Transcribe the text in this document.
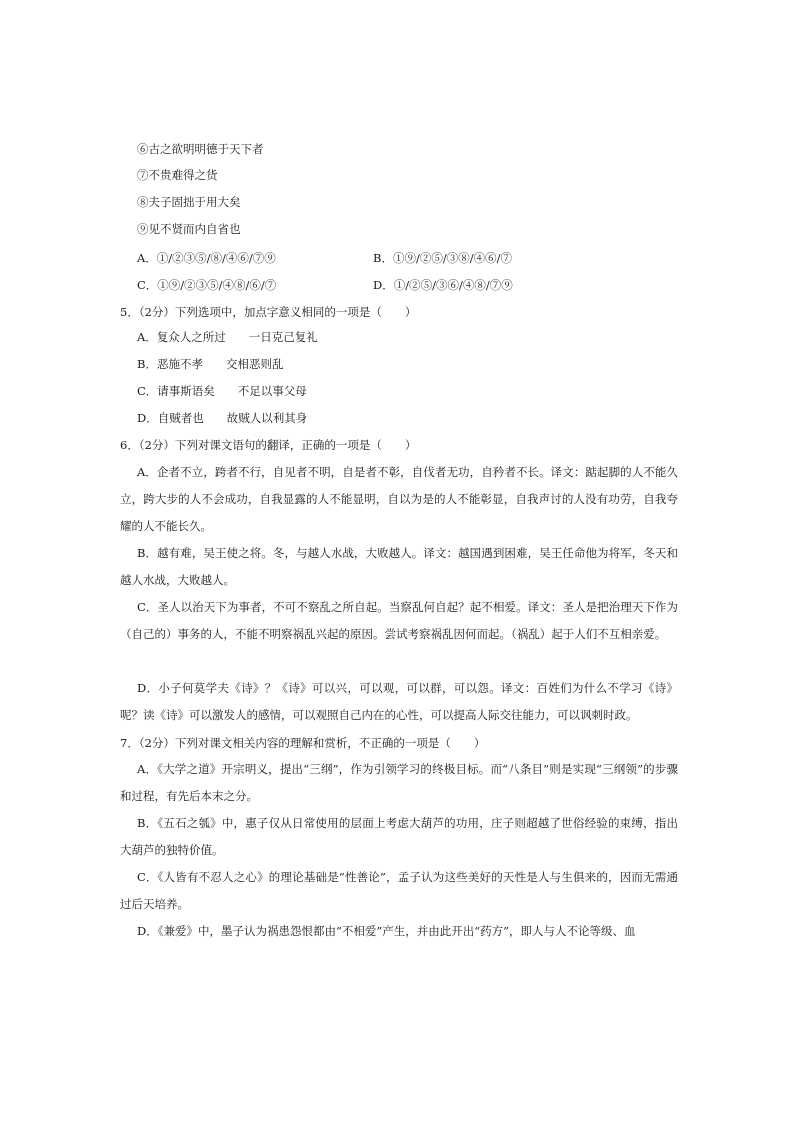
⑥古之欲明明德于天下者
⑦不贵难得之货
⑧夫子固拙于用大矣
⑨见不贤而内自省也
A．①/②③⑤/⑧/④⑥/⑦⑨	B．①⑨/②⑤/③⑧/④⑥/⑦
C．①⑨/②③⑤/④⑧/⑥/⑦	D．①/②⑤/③⑥/④⑧/⑦⑨
5．（2分）下列选项中，加点字意义相同的一项是（　　）
A．复众人之所过　　一日克己复礼
B．恶施不孝　　交相恶则乱
C．请事斯语矣　　不足以事父母
D．自贼者也　　故贼人以利其身
6．（2分）下列对课文语句的翻译，正确的一项是（　　）
A．企者不立，跨者不行，自见者不明，自是者不彰，自伐者无功，自矜者不长。译文：踮起脚的人不能久立，跨大步的人不会成功，自我显露的人不能显明，自以为是的人不能彰显，自我声讨的人没有功劳，自我夸耀的人不能长久。
B．越有难，吴王使之将。冬，与越人水战，大败越人。译文：越国遇到困难，吴王任命他为将军，冬天和越人水战，大败越人。
C．圣人以治天下为事者，不可不察乱之所自起。当察乱何自起？起不相爱。译文：圣人是把治理天下作为（自己的）事务的人，不能不明察祸乱兴起的原因。尝试考察祸乱因何而起。（祸乱）起于人们不互相亲爱。
D．小子何莫学夫《诗》？《诗》可以兴，可以观，可以群，可以怨。译文：百姓们为什么不学习《诗》呢？读《诗》可以激发人的感情，可以观照自己内在的心性，可以提高人际交往能力，可以讽刺时政。
7．（2分）下列对课文相关内容的理解和赏析，不正确的一项是（　　）
A．《大学之道》开宗明义，提出“三纲”，作为引领学习的终极目标。而“八条目”则是实现“三纲领”的步骤和过程，有先后本末之分。
B．《五石之瓠》中，惠子仅从日常使用的层面上考虑大葫芦的功用，庄子则超越了世俗经验的束缚，指出大葫芦的独特价值。
C．《人皆有不忍人之心》的理论基础是“性善论”，孟子认为这些美好的天性是人与生俱来的，因而无需通过后天培养。
D．《兼爱》中，墨子认为祸患怨恨都由“不相爱”产生，并由此开出“药方”，即人与人不论等级、血
